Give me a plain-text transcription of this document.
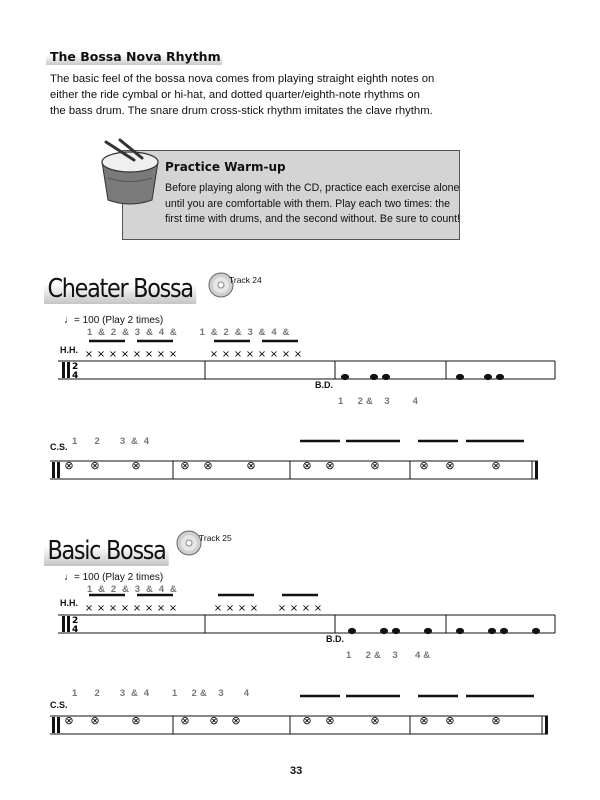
The Bossa Nova Rhythm
The basic feel of the bossa nova comes from playing straight eighth notes on
either the ride cymbal or hi-hat, and dotted quarter/eighth-note rhythms on
the bass drum. The snare drum cross-stick rhythm imitates the clave rhythm.
Practice Warm-up
Before playing along with the CD, practice each exercise alone
until you are comfortable with them. Play each two times: the
first time with drums, and the second without. Be sure to count!
Cheater Bossa	Track 24
♩= 100 (Play 2 times)
1  &  2  &  3  &  4  &        1  &  2  &  3  &  4  &
H.H.
B.D.
1     2 &    3        4
1      2       3  &  4
C.S.
2
4
× × × × × × × ×	× × × × × × × ×
⊗ ⊗	⊗	⊗ ⊗	⊗	⊗ ⊗	⊗	⊗ ⊗	⊗
Basic Bossa	Track 25
♩= 100 (Play 2 times)
1  &  2  &  3  &  4  &
H.H.
B.D.
1     2 &    3      4 &
1      2       3  &  4        1     2 &    3       4
C.S.
2
4
× × × × × × × ×	× × × × × × × ×
⊗ ⊗	⊗	⊗ ⊗ ⊗	⊗ ⊗	⊗	⊗ ⊗	⊗
33
